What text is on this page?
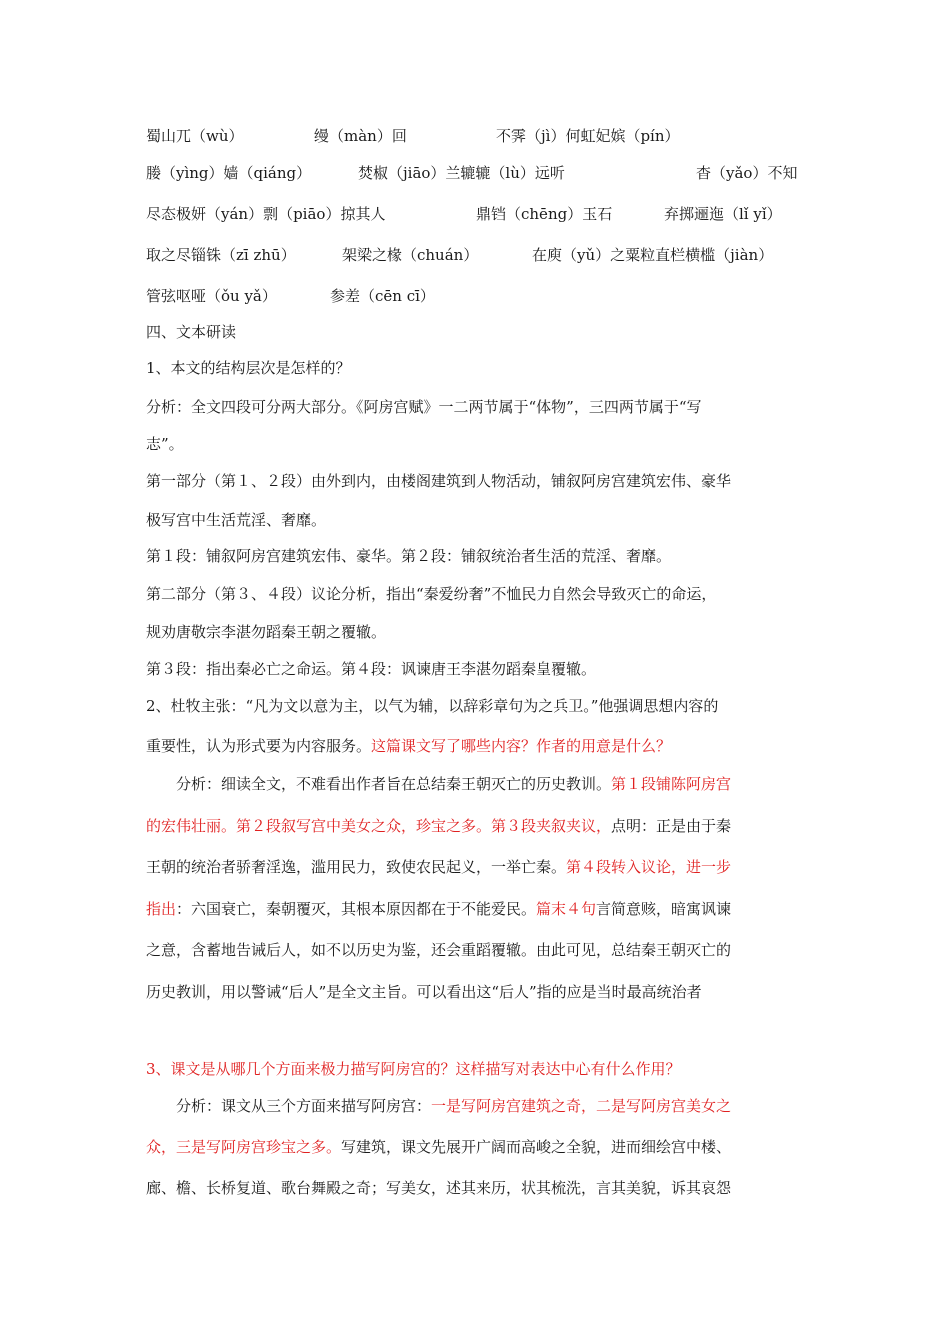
蜀山兀（wù）	缦（màn）回	不霁（jì）何虹妃嫔（pín）
媵（yìng）嫱（qiáng）	焚椒（jiāo）兰辘辘（lù）远听	杳（yǎo）不知
尽态极妍（yán）剽（piāo）掠其人	鼎铛（chēng）玉石	弃掷逦迤（lǐ yǐ）
取之尽锱铢（zī zhū）	架梁之椽（chuán）	在庾（yǔ）之粟粒直栏横槛（jiàn）
管弦呕哑（ǒu yǎ）	参差（cēn cī）
四、文本研读
1、本文的结构层次是怎样的？
分析：全文四段可分两大部分。《阿房宫赋》一二两节属于“体物”，三四两节属于“写
志”。
第一部分（第１、２段）由外到内，由楼阁建筑到人物活动，铺叙阿房宫建筑宏伟、豪华
极写宫中生活荒淫、奢靡。
第１段：铺叙阿房宫建筑宏伟、豪华。第２段：铺叙统治者生活的荒淫、奢靡。
第二部分（第３、４段）议论分析，指出“秦爱纷奢”不恤民力自然会导致灭亡的命运，
规劝唐敬宗李湛勿蹈秦王朝之覆辙。
第３段：指出秦必亡之命运。第４段：讽谏唐王李湛勿蹈秦皇覆辙。
2、杜牧主张：“凡为文以意为主，以气为辅，以辞彩章句为之兵卫。”他强调思想内容的
重要性，认为形式要为内容服务。这篇课文写了哪些内容？作者的用意是什么？
分析：细读全文，不难看出作者旨在总结秦王朝灭亡的历史教训。第１段铺陈阿房宫
的宏伟壮丽。第２段叙写宫中美女之众，珍宝之多。第３段夹叙夹议，点明：正是由于秦
王朝的统治者骄奢淫逸，滥用民力，致使农民起义，一举亡秦。第４段转入议论，进一步
指出：六国衰亡，秦朝覆灭，其根本原因都在于不能爱民。篇末４句言简意赅，暗寓讽谏
之意，含蓄地告诫后人，如不以历史为鉴，还会重蹈覆辙。由此可见，总结秦王朝灭亡的
历史教训，用以警诫“后人”是全文主旨。可以看出这“后人”指的应是当时最高统治者
3、课文是从哪几个方面来极力描写阿房宫的？这样描写对表达中心有什么作用？
分析：课文从三个方面来描写阿房宫：一是写阿房宫建筑之奇，二是写阿房宫美女之
众，三是写阿房宫珍宝之多。写建筑，课文先展开广阔而高峻之全貌，进而细绘宫中楼、
廊、檐、长桥复道、歌台舞殿之奇；写美女，述其来历，状其梳洗，言其美貌，诉其哀怨
